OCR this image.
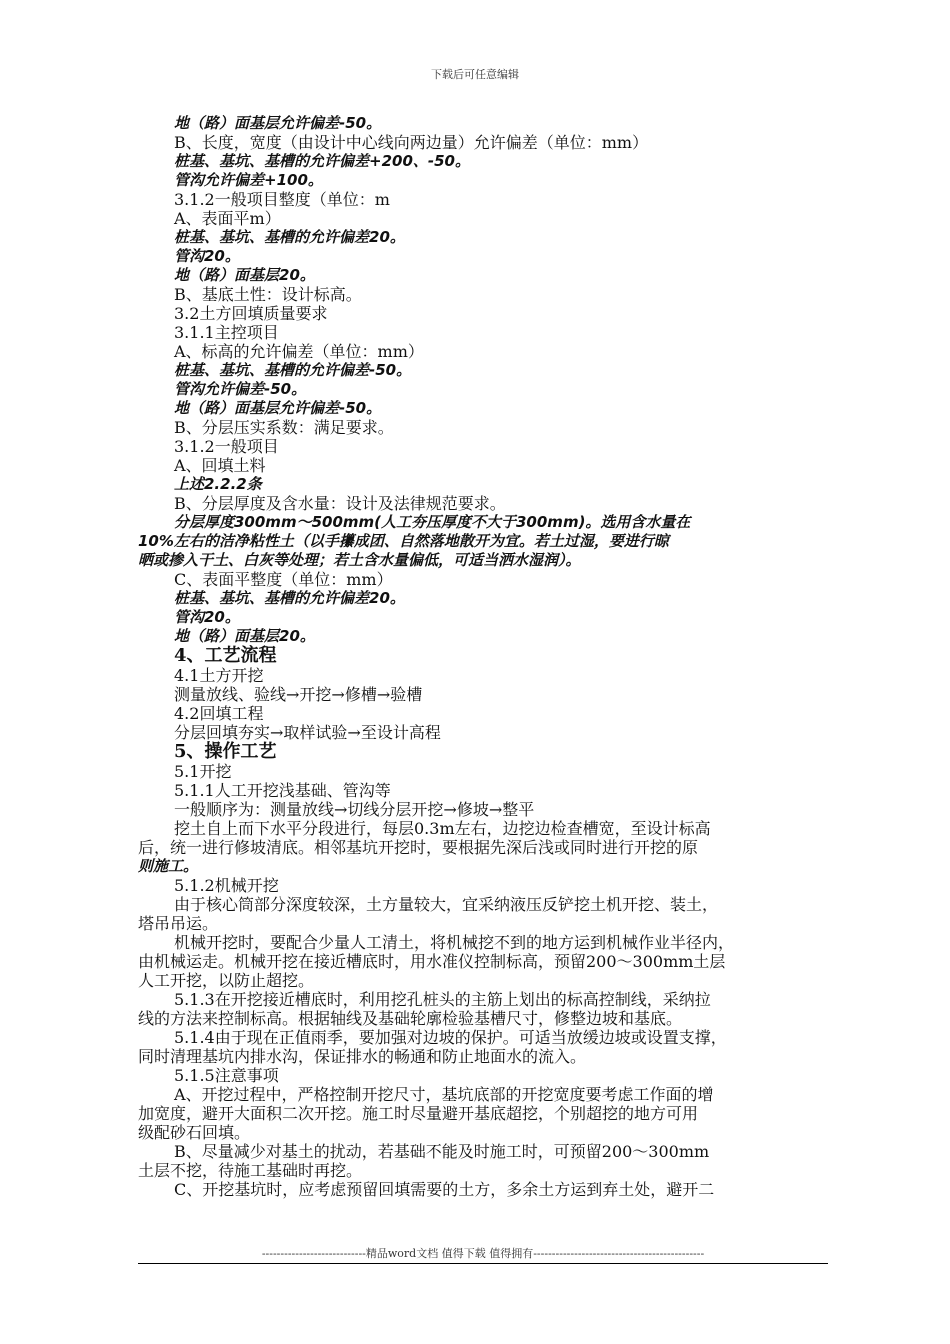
下载后可任意编辑
地（路）面基层允许偏差-50。
B、长度，宽度（由设计中心线向两边量）允许偏差（单位：mm）
桩基、基坑、基槽的允许偏差+200、-50。
管沟允许偏差+100。
3.1.2一般项目整度（单位：m
A、表面平m）
桩基、基坑、基槽的允许偏差20。
管沟20。
地（路）面基层20。
B、基底土性：设计标高。
3.2土方回填质量要求
3.1.1主控项目
A、标高的允许偏差（单位：mm）
桩基、基坑、基槽的允许偏差-50。
管沟允许偏差-50。
地（路）面基层允许偏差-50。
B、分层压实系数：满足要求。
3.1.2一般项目
A、回填土料
上述2.2.2条
B、分层厚度及含水量：设计及法律规范要求。
分层厚度300mm～500mm(人工夯压厚度不大于300mm)。选用含水量在
10%左右的洁净粘性土（以手攥成团、自然落地散开为宜。若土过湿，要进行晾
晒或掺入干土、白灰等处理；若土含水量偏低，可适当洒水湿润）。
C、表面平整度（单位：mm）
桩基、基坑、基槽的允许偏差20。
管沟20。
地（路）面基层20。
4、工艺流程
4.1土方开挖
测量放线、验线→开挖→修槽→验槽
4.2回填工程
分层回填夯实→取样试验→至设计高程
5、操作工艺
5.1开挖
5.1.1人工开挖浅基础、管沟等
一般顺序为：测量放线→切线分层开挖→修坡→整平
挖土自上而下水平分段进行，每层0.3m左右，边挖边检查槽宽，至设计标高
后，统一进行修坡清底。相邻基坑开挖时，要根据先深后浅或同时进行开挖的原
则施工。
5.1.2机械开挖
由于核心筒部分深度较深，土方量较大，宜采纳液压反铲挖土机开挖、装土，
塔吊吊运。
机械开挖时，要配合少量人工清土，将机械挖不到的地方运到机械作业半径内，
由机械运走。机械开挖在接近槽底时，用水准仪控制标高，预留200～300mm土层
人工开挖，以防止超挖。
5.1.3在开挖接近槽底时，利用挖孔桩头的主筋上划出的标高控制线，采纳拉
线的方法来控制标高。根据轴线及基础轮廓检验基槽尺寸，修整边坡和基底。
5.1.4由于现在正值雨季，要加强对边坡的保护。可适当放缓边坡或设置支撑，
同时清理基坑内排水沟，保证排水的畅通和防止地面水的流入。
5.1.5注意事项
A、开挖过程中，严格控制开挖尺寸，基坑底部的开挖宽度要考虑工作面的增
加宽度，避开大面积二次开挖。施工时尽量避开基底超挖，个别超挖的地方可用
级配砂石回填。
B、尽量减少对基土的扰动，若基础不能及时施工时，可预留200～300mm
土层不挖，待施工基础时再挖。
C、开挖基坑时，应考虑预留回填需要的土方，多余土方运到弃土处，避开二
----------------------------精品word文档 值得下载 值得拥有----------------------------------------------
